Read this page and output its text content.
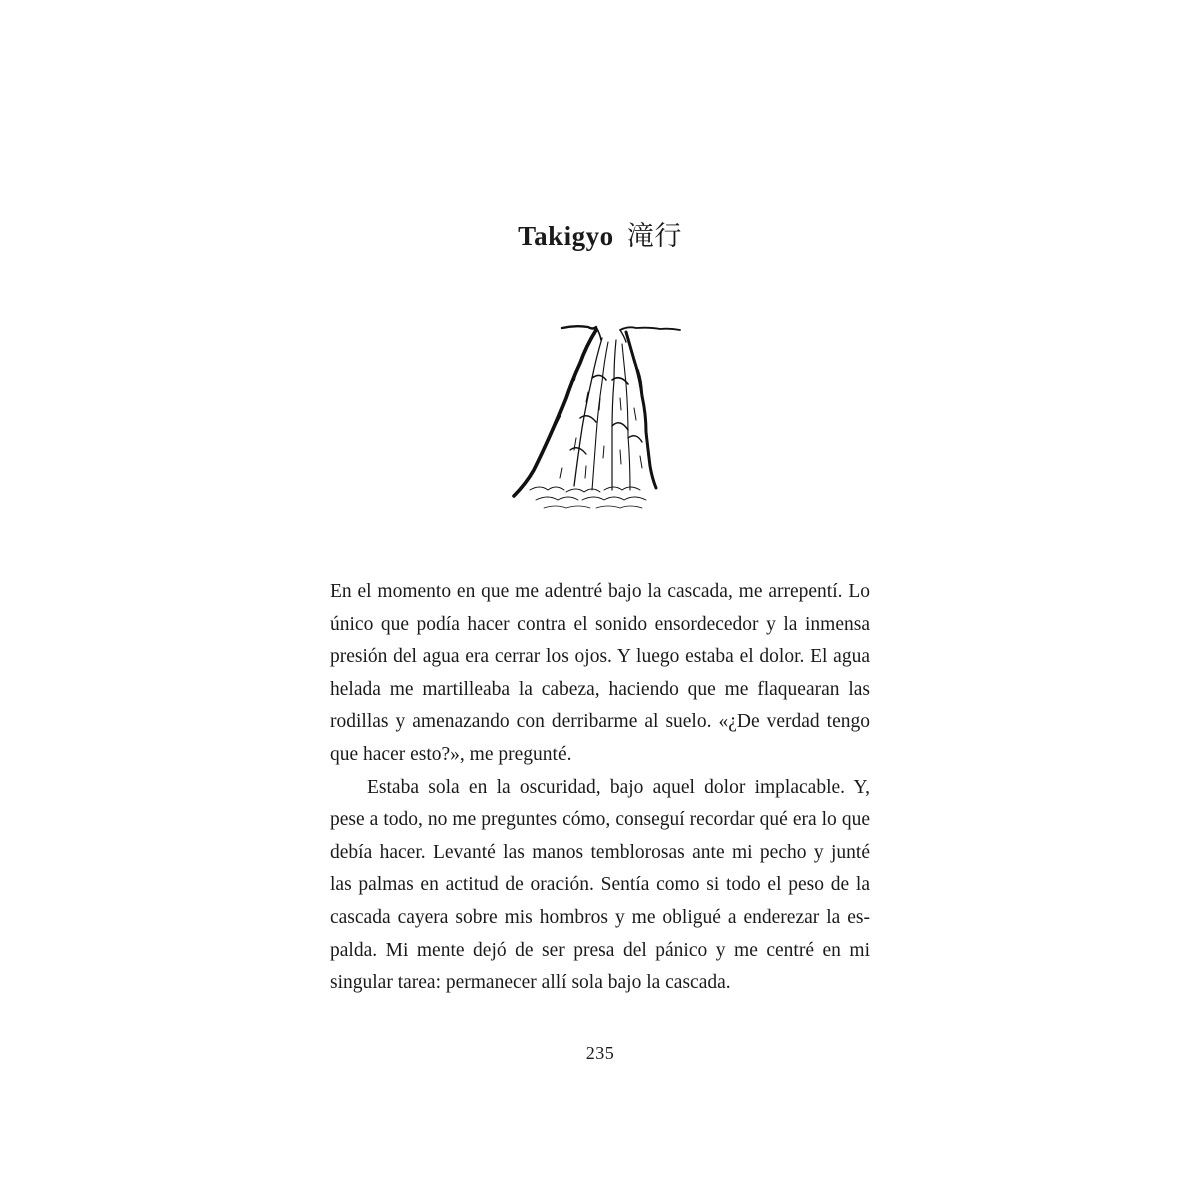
Takigyo 滝行

En el momento en que me adentré bajo la cascada, me arrepentí. Lo único que podía hacer contra el sonido ensordecedor y la inmensa presión del agua era cerrar los ojos. Y luego estaba el dolor. El agua helada me martilleaba la cabeza, haciendo que me flaquearan las rodillas y amenazando con derribarme al suelo. «¿De verdad tengo que hacer esto?», me pregunté.

Estaba sola en la oscuridad, bajo aquel dolor implacable. Y, pese a todo, no me preguntes cómo, conseguí recordar qué era lo que debía hacer. Levanté las manos temblorosas ante mi pecho y junté las palmas en actitud de oración. Sentía como si todo el peso de la cascada cayera sobre mis hombros y me obligué a enderezar la espalda. Mi mente dejó de ser presa del pánico y me centré en mi singular tarea: permanecer allí sola bajo la cascada.

235
